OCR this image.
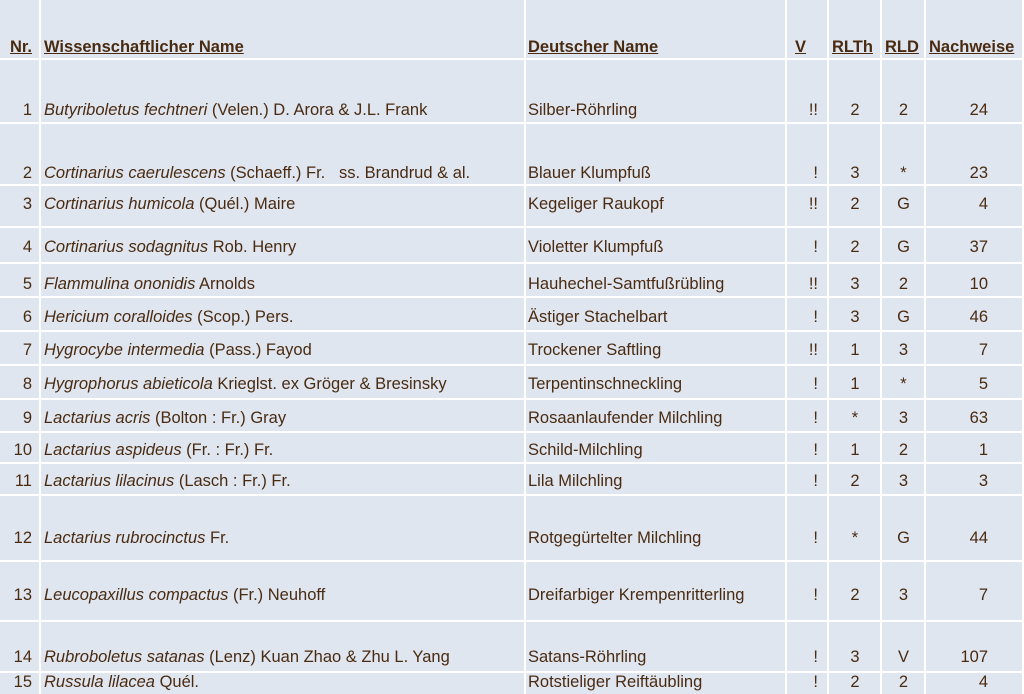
Nr. Wissenschaftlicher Name	Deutscher Name	V RLTh RLD Nachweise
1 Butyriboletus fechtneri (Velen.) D. Arora & J.L. Frank	Silber-Röhrling	!!	2	2	24
2 Cortinarius caerulescens (Schaeff.) Fr.   ss. Brandrud & al.	Blauer Klumpfuß	!	3	*	23
3 Cortinarius humicola (Quél.) Maire	Kegeliger Raukopf	!!	2	G	4
4 Cortinarius sodagnitus Rob. Henry	Violetter Klumpfuß	!	2	G	37
5 Flammulina ononidis Arnolds	Hauhechel-Samtfußrübling	!!	3	2	10
6 Hericium coralloides (Scop.) Pers.	Ästiger Stachelbart	!	3	G	46
7 Hygrocybe intermedia (Pass.) Fayod	Trockener Saftling	!!	1	3	7
8 Hygrophorus abieticola Krieglst. ex Gröger & Bresinsky	Terpentinschneckling	!	1	*	5
9 Lactarius acris (Bolton : Fr.) Gray	Rosaanlaufender Milchling	!	*	3	63
10 Lactarius aspideus (Fr. : Fr.) Fr.	Schild-Milchling	!	1	2	1
11 Lactarius lilacinus (Lasch : Fr.) Fr.	Lila Milchling	!	2	3	3
12 Lactarius rubrocinctus Fr.	Rotgegürtelter Milchling	!	*	G	44
13 Leucopaxillus compactus (Fr.) Neuhoff	Dreifarbiger Krempenritterling	!	2	3	7
14 Rubroboletus satanas (Lenz) Kuan Zhao & Zhu L. Yang	Satans-Röhrling	!	3	V	107
15 Russula lilacea Quél.	Rotstieliger Reiftäubling	!	2	2	4
